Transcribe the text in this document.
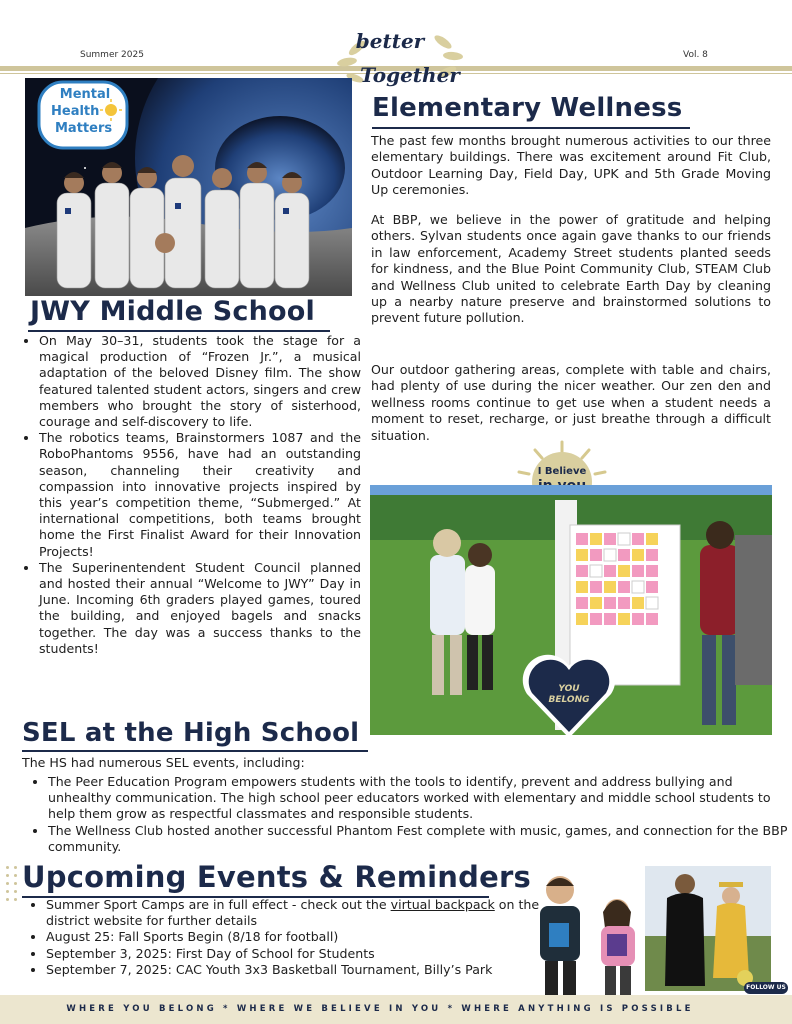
Summer 2025	Vol. 8
better
Together
Mental
Health
Matters
Elementary Wellness

The past few months brought numerous activities to our three elementary buildings. There was excitement around Fit Club, Outdoor Learning Day, Field Day, UPK and 5th Grade Moving Up ceremonies.

At BBP, we believe in the power of gratitude and helping others. Sylvan students once again gave thanks to our friends in law enforcement, Academy Street students planted seeds for kindness, and the Blue Point Community Club, STEAM Club and Wellness Club united to celebrate Earth Day by cleaning up a nearby nature preserve and brainstormed solutions to prevent future pollution.

Our outdoor gathering areas, complete with table and chairs, had plenty of use during the nicer weather. Our zen den and wellness rooms continue to get use when a student needs a moment to reset, recharge, or just breathe through a difficult situation.

I Believe
YOU
BELONG
JWY Middle School
• On May 30–31, students took the stage for a magical production of “Frozen Jr.”, a musical adaptation of the beloved Disney film. The show featured talented student actors, singers and crew members who brought the story of sisterhood, courage and self-discovery to life.
• The robotics teams, Brainstormers 1087 and the RoboPhantoms 9556, have had an outstanding season, channeling their creativity and compassion into innovative projects inspired by this year’s competition theme, “Submerged.” At international competitions, both teams brought home the First Finalist Award for their Innovation Projects!
• The Superinentendent Student Council planned and hosted their annual “Welcome to JWY” Day in June. Incoming 6th graders played games, toured the building, and enjoyed bagels and snacks together. The day was a success thanks to the students!
SEL at the High School

The HS had numerous SEL events, including:

• The Peer Education Program empowers students with the tools to identify, prevent and address bullying and unhealthy communication. The high school peer educators worked with elementary and middle school students to help them grow as respectful classmates and responsible students.
• The Wellness Club hosted another successful Phantom Fest complete with music, games, and connection for the BBP community.
Upcoming Events & Reminders
• Summer Sport Camps are in full effect - check out the virtual backpack on the district website for further details
• August 25: Fall Sports Begin (8/18 for football)
• September 3, 2025: First Day of School for Students
• September 7, 2025: CAC Youth 3x3 Basketball Tournament, Billy’s Park
FOLLOW US
WHERE YOU BELONG * WHERE WE BELIEVE IN YOU * WHERE ANYTHING IS POSSIBLE
